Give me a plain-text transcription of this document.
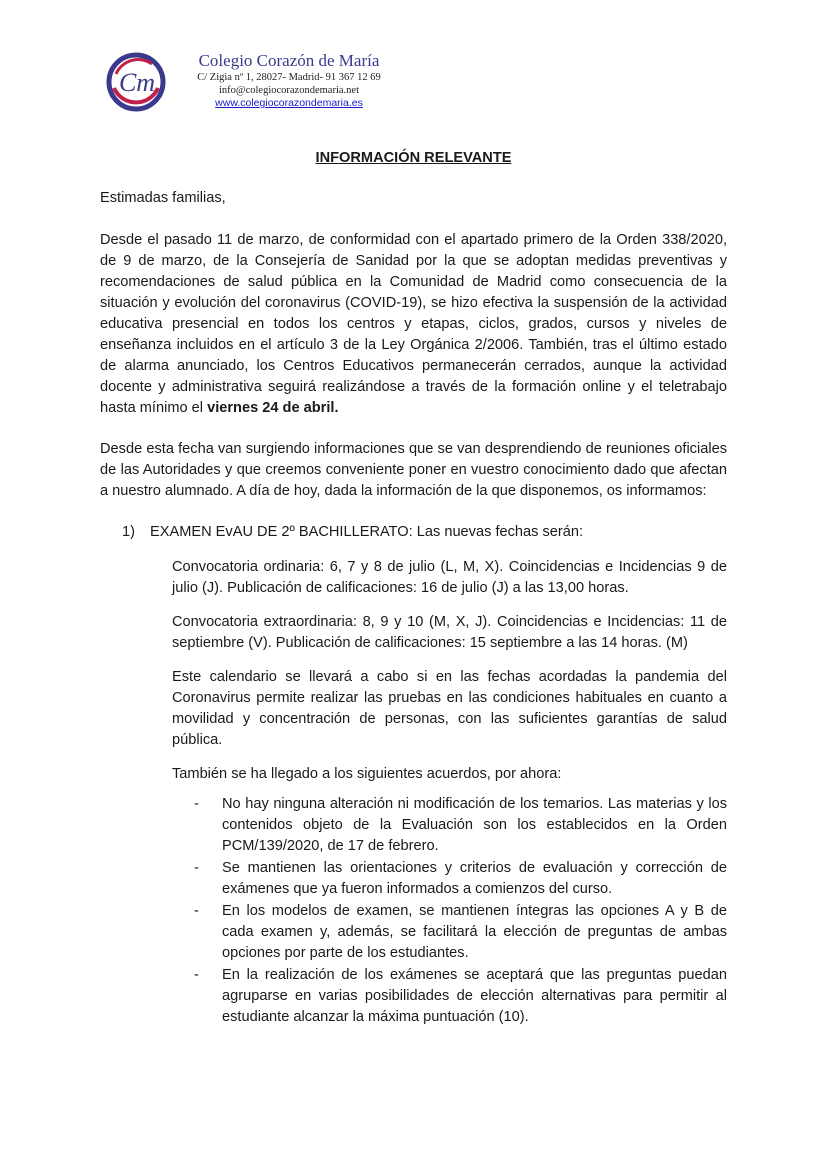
Cm
Colegio Corazón de María
C/ Zigia nº 1, 28027- Madrid- 91 367 12 69
info@colegiocorazondemaria.net
www.colegiocorazondemaria.es
INFORMACIÓN RELEVANTE

Estimadas familias,

Desde el pasado 11 de marzo, de conformidad con el apartado primero de la Orden 338/2020, de 9 de marzo, de la Consejería de Sanidad por la que se adoptan medidas preventivas y recomendaciones de salud pública en la Comunidad de Madrid como consecuencia de la situación y evolución del coronavirus (COVID-19), se hizo efectiva la suspensión de la actividad educativa presencial en todos los centros y etapas, ciclos, grados, cursos y niveles de enseñanza incluidos en el artículo 3 de la Ley Orgánica 2/2006. También, tras el último estado de alarma anunciado, los Centros Educativos permanecerán cerrados, aunque la actividad docente y administrativa seguirá realizándose a través de la formación online y el teletrabajo hasta mínimo el viernes 24 de abril.

Desde esta fecha van surgiendo informaciones que se van desprendiendo de reuniones oficiales de las Autoridades y que creemos conveniente poner en vuestro conocimiento dado que afectan a nuestro alumnado. A día de hoy, dada la información de la que disponemos, os informamos:

1)	EXAMEN EvAU DE 2º BACHILLERATO: Las nuevas fechas serán:

Convocatoria ordinaria: 6, 7 y 8 de julio (L, M, X). Coincidencias e Incidencias 9 de julio (J). Publicación de calificaciones: 16 de julio (J) a las 13,00 horas.

Convocatoria extraordinaria: 8, 9 y 10 (M, X, J). Coincidencias e Incidencias: 11 de septiembre (V). Publicación de calificaciones: 15 septiembre a las 14 horas. (M)

Este calendario se llevará a cabo si en las fechas acordadas la pandemia del Coronavirus permite realizar las pruebas en las condiciones habituales en cuanto a movilidad y concentración de personas, con las suficientes garantías de salud pública.

También se ha llegado a los siguientes acuerdos, por ahora:

- No hay ninguna alteración ni modificación de los temarios. Las materias y los contenidos objeto de la Evaluación son los establecidos en la Orden PCM/139/2020, de 17 de febrero.
- Se mantienen las orientaciones y criterios de evaluación y corrección de exámenes que ya fueron informados a comienzos del curso.
- En los modelos de examen, se mantienen íntegras las opciones A y B de cada examen y, además, se facilitará la elección de preguntas de ambas opciones por parte de los estudiantes.
- En la realización de los exámenes se aceptará que las preguntas puedan agruparse en varias posibilidades de elección alternativas para permitir al estudiante alcanzar la máxima puntuación (10).
